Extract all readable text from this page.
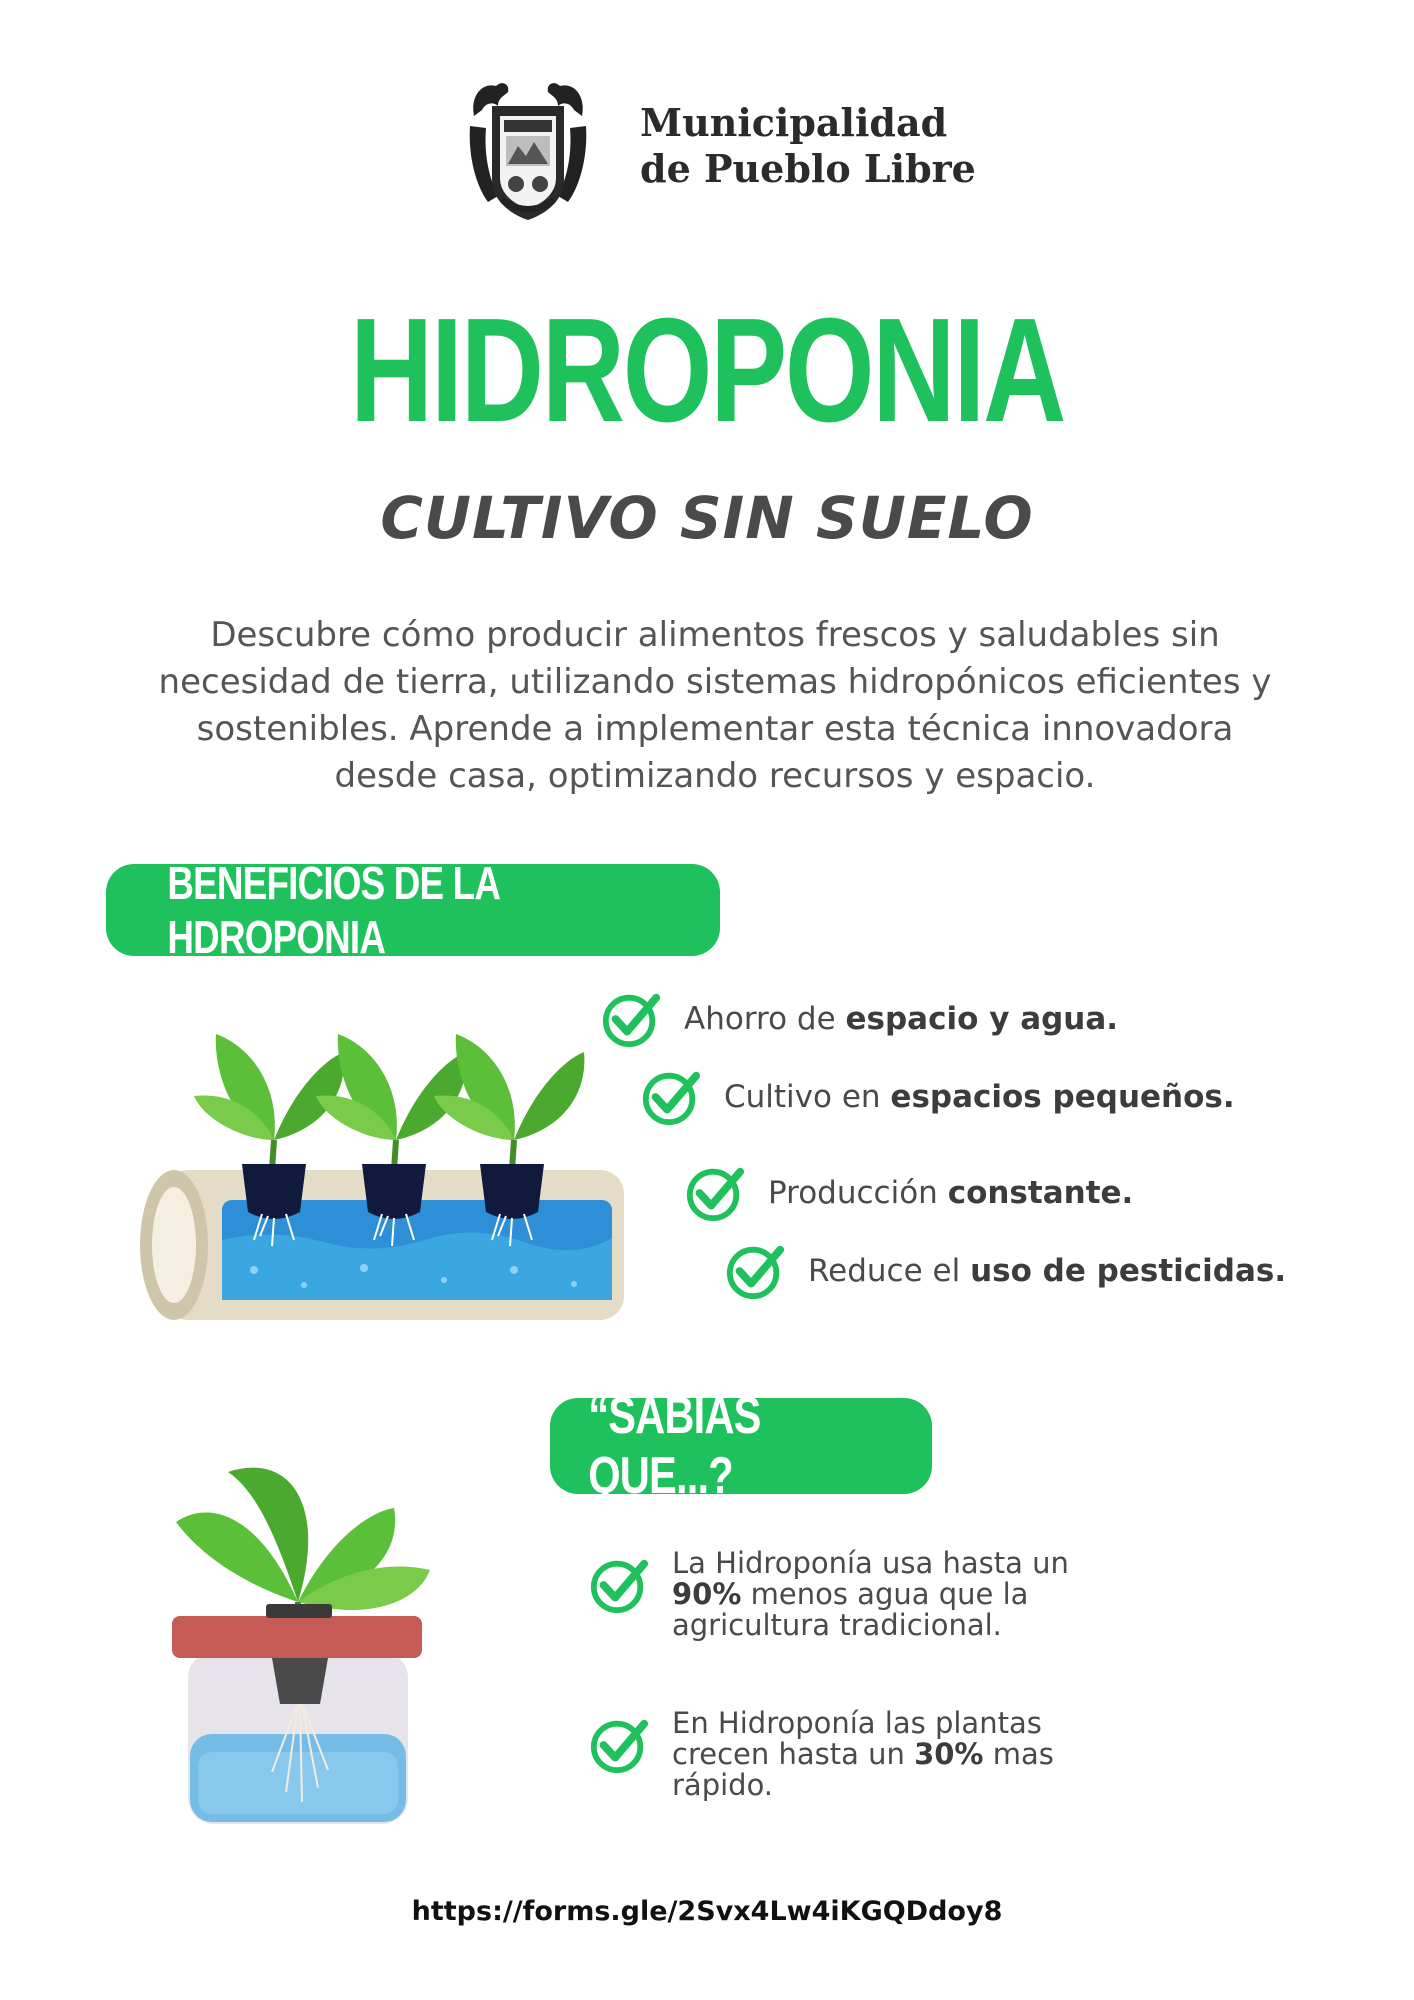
Municipalidad
de Pueblo Libre
HIDROPONIA
CULTIVO SIN SUELO
Descubre cómo producir alimentos frescos y saludables sin necesidad de tierra, utilizando sistemas hidropónicos eficientes y sostenibles. Aprende a implementar esta técnica innovadora desde casa, optimizando recursos y espacio.
BENEFICIOS DE LA HDROPONIA
Ahorro de espacio y agua.
Cultivo en espacios pequeños.
Producción constante.
Reduce el uso de pesticidas.
“SABIAS QUE...?
La Hidroponía usa hasta un 90% menos agua que la agricultura tradicional.
En Hidroponía las plantas crecen hasta un 30% mas rápido.
https://forms.gle/2Svx4Lw4iKGQDdoy8
